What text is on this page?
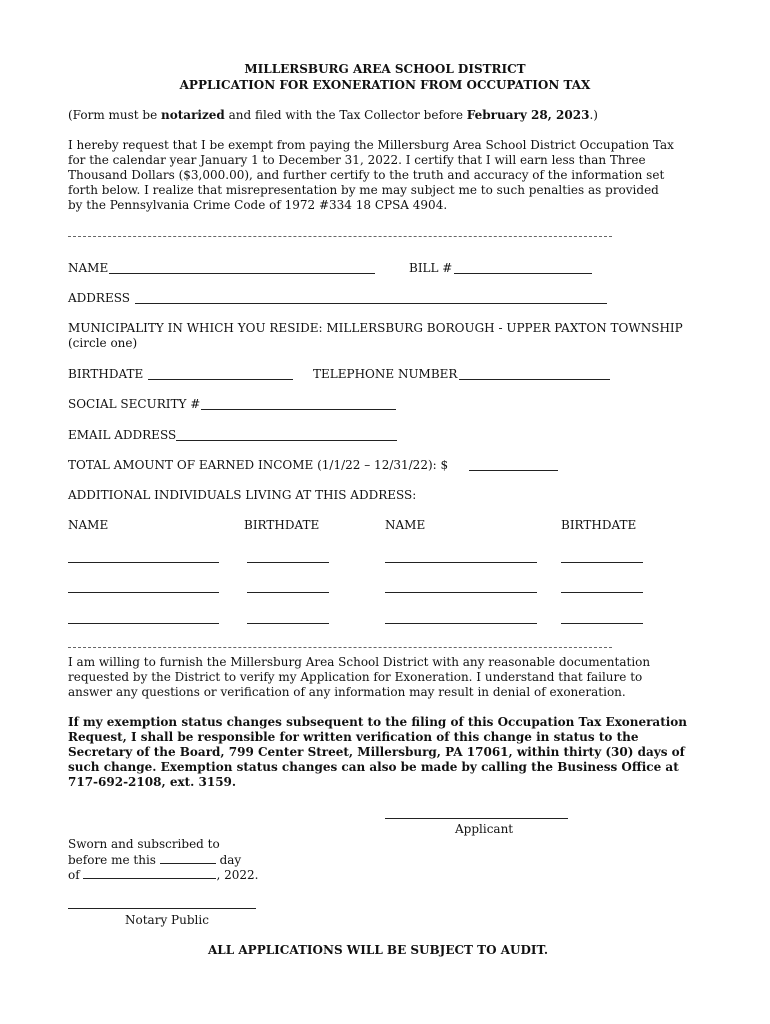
MILLERSBURG AREA SCHOOL DISTRICT
APPLICATION FOR EXONERATION FROM OCCUPATION TAX
(Form must be notarized and filed with the Tax Collector before February 28, 2023.)
I hereby request that I be exempt from paying the Millersburg Area School District Occupation Tax
for the calendar year January 1 to December 31, 2022. I certify that I will earn less than Three
Thousand Dollars ($3,000.00), and further certify to the truth and accuracy of the information set
forth below. I realize that misrepresentation by me may subject me to such penalties as provided
by the Pennsylvania Crime Code of 1972 #334 18 CPSA 4904.
NAME	BILL #
ADDRESS
MUNICIPALITY IN WHICH YOU RESIDE: MILLERSBURG BOROUGH - UPPER PAXTON TOWNSHIP
(circle one)
BIRTHDATE	TELEPHONE NUMBER
SOCIAL SECURITY #
EMAIL ADDRESS
TOTAL AMOUNT OF EARNED INCOME (1/1/22 – 12/31/22): $
ADDITIONAL INDIVIDUALS LIVING AT THIS ADDRESS:
NAME	BIRTHDATE	NAME	BIRTHDATE
I am willing to furnish the Millersburg Area School District with any reasonable documentation
requested by the District to verify my Application for Exoneration. I understand that failure to
answer any questions or verification of any information may result in denial of exoneration.
If my exemption status changes subsequent to the filing of this Occupation Tax Exoneration
Request, I shall be responsible for written verification of this change in status to the
Secretary of the Board, 799 Center Street, Millersburg, PA 17061, within thirty (30) days of
such change. Exemption status changes can also be made by calling the Business Office at
717-692-2108, ext. 3159.
Applicant
Sworn and subscribed to
before me this	day
of	, 2022.
Notary Public
ALL APPLICATIONS WILL BE SUBJECT TO AUDIT.
